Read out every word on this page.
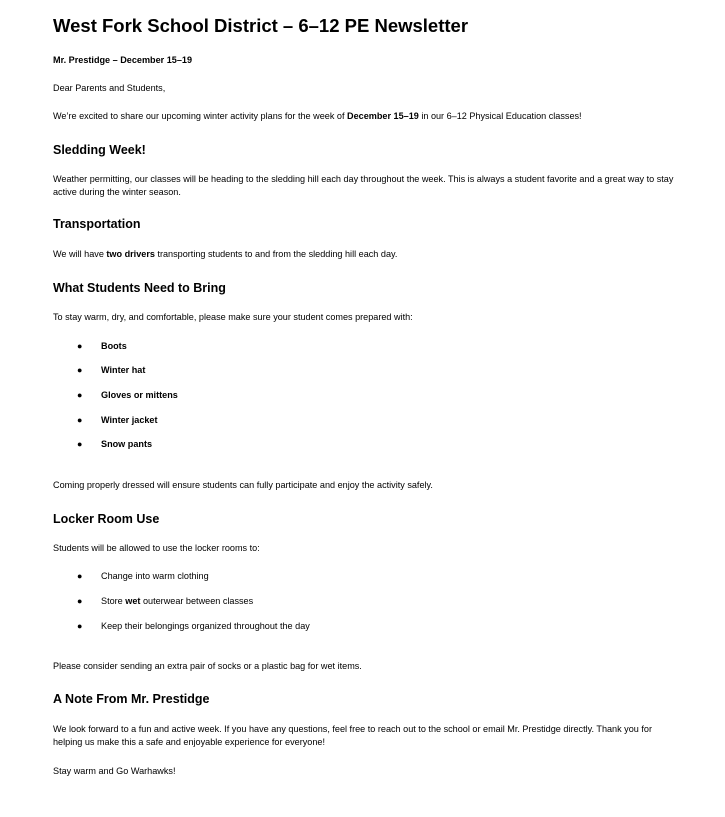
West Fork School District – 6–12 PE Newsletter
Mr. Prestidge – December 15–19
Dear Parents and Students,
We’re excited to share our upcoming winter activity plans for the week of December 15–19 in our 6–12 Physical Education classes!
Sledding Week!
Weather permitting, our classes will be heading to the sledding hill each day throughout the week. This is always a student favorite and a great way to stay active during the winter season.
Transportation
We will have two drivers transporting students to and from the sledding hill each day.
What Students Need to Bring
To stay warm, dry, and comfortable, please make sure your student comes prepared with:
● Boots
● Winter hat
● Gloves or mittens
● Winter jacket
● Snow pants
Coming properly dressed will ensure students can fully participate and enjoy the activity safely.
Locker Room Use
Students will be allowed to use the locker rooms to:
● Change into warm clothing
● Store wet outerwear between classes
● Keep their belongings organized throughout the day
Please consider sending an extra pair of socks or a plastic bag for wet items.
A Note From Mr. Prestidge
We look forward to a fun and active week. If you have any questions, feel free to reach out to the school or email Mr. Prestidge directly. Thank you for helping us make this a safe and enjoyable experience for everyone!
Stay warm and Go Warhawks!
